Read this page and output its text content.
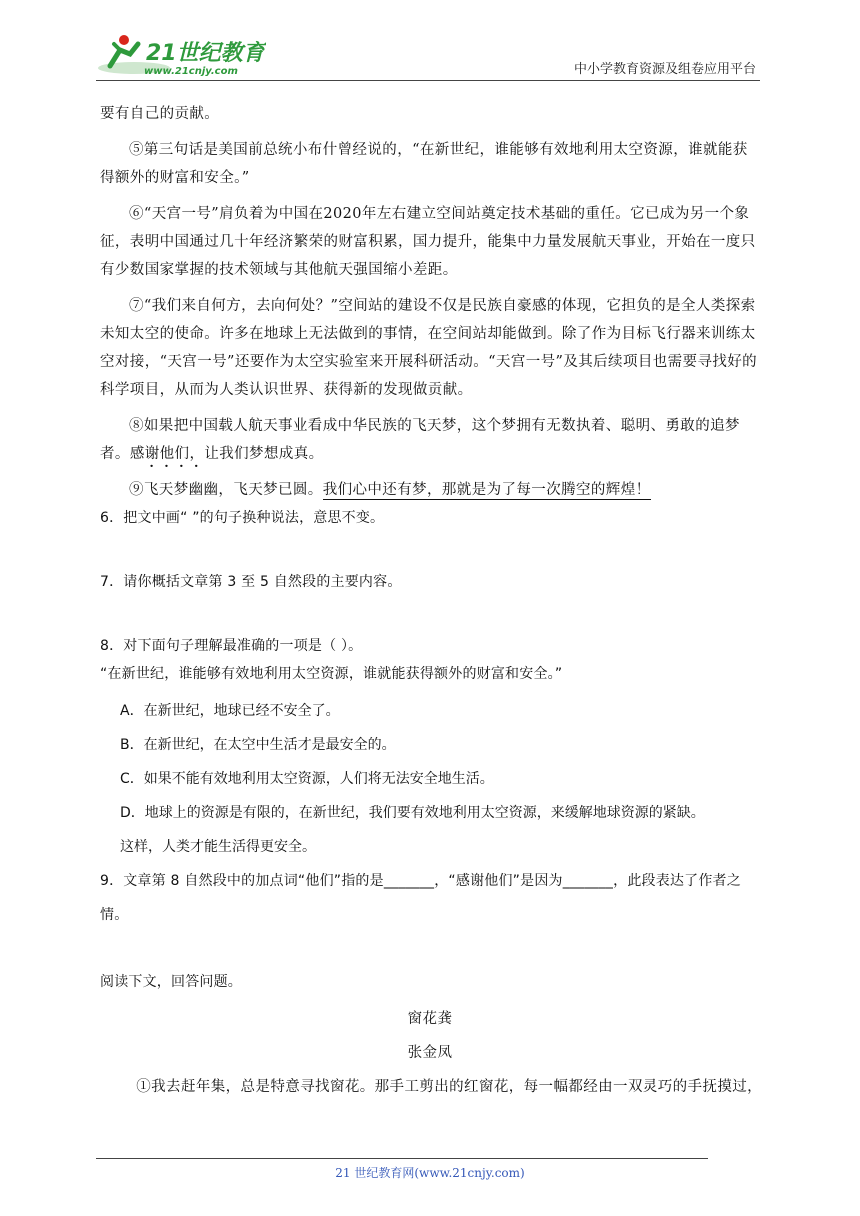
21世纪教育
www.21cnjy.com	中小学教育资源及组卷应用平台

要有自己的贡献。

⑤第三句话是美国前总统小布什曾经说的，“在新世纪，谁能够有效地利用太空资源，谁就能获得额外的财富和安全。”

⑥“天宫一号”肩负着为中国在2020年左右建立空间站奠定技术基础的重任。它已成为另一个象征，表明中国通过几十年经济繁荣的财富积累，国力提升，能集中力量发展航天事业，开始在一度只有少数国家掌握的技术领域与其他航天强国缩小差距。

⑦“我们来自何方，去向何处？”空间站的建设不仅是民族自豪感的体现，它担负的是全人类探索未知太空的使命。许多在地球上无法做到的事情，在空间站却能做到。除了作为目标飞行器来训练太空对接，“天宫一号”还要作为太空实验室来开展科研活动。“天宫一号”及其后续项目也需要寻找好的科学项目，从而为人类认识世界、获得新的发现做贡献。

⑧如果把中国载人航天事业看成中华民族的飞天梦，这个梦拥有无数执着、聪明、勇敢的追梦者。感谢他们，让我们梦想成真。

⑨飞天梦幽幽，飞天梦已圆。我们心中还有梦，那就是为了每一次腾空的辉煌！

6．把文中画“ ”的句子换种说法，意思不变。

7．请你概括文章第 3 至 5 自然段的主要内容。

8．对下面句子理解最准确的一项是（ ）。

“在新世纪，谁能够有效地利用太空资源，谁就能获得额外的财富和安全。”

A．在新世纪，地球已经不安全了。

B．在新世纪，在太空中生活才是最安全的。

C．如果不能有效地利用太空资源，人们将无法安全地生活。

D．地球上的资源是有限的，在新世纪，我们要有效地利用太空资源，来缓解地球资源的紧缺。

这样，人类才能生活得更安全。

9．文章第 8 自然段中的加点词“他们”指的是_______，“感谢他们”是因为_______，此段表达了作者之情。

阅读下文，回答问题。

窗花龚

张金凤

①我去赶年集，总是特意寻找窗花。那手工剪出的红窗花，每一幅都经由一双灵巧的手抚摸过，

21 世纪教育网(www.21cnjy.com)
